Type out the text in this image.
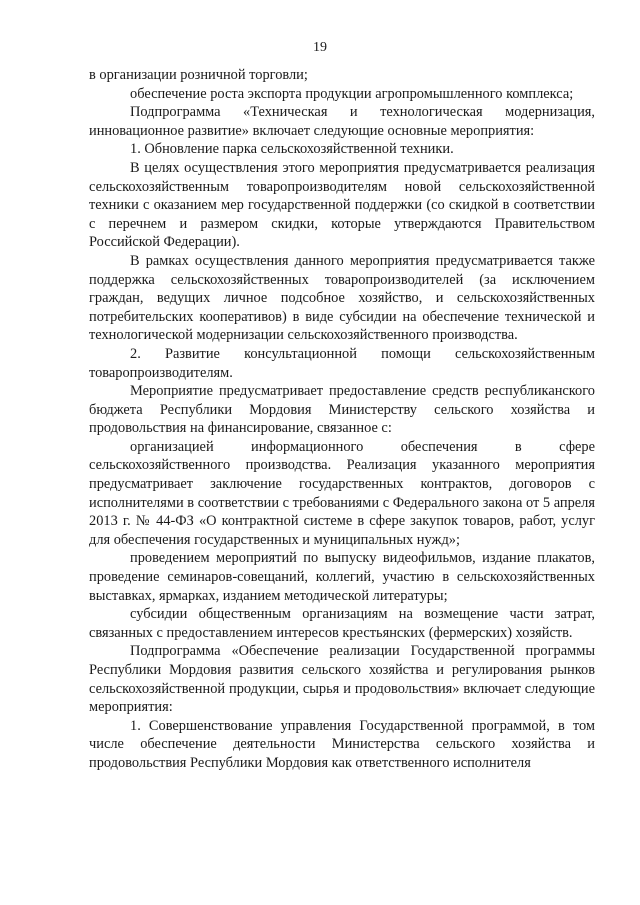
19

в организации розничной торговли;

обеспечение роста экспорта продукции агропромышленного комплекса;

Подпрограмма «Техническая и технологическая модернизация, инновационное развитие» включает следующие основные мероприятия:

1. Обновление парка сельскохозяйственной техники.

В целях осуществления этого мероприятия предусматривается реализация сельскохозяйственным товаропроизводителям новой сельскохозяйственной техники с оказанием мер государственной поддержки (со скидкой в соответствии с перечнем и размером скидки, которые утверждаются Правительством Российской Федерации).

В рамках осуществления данного мероприятия предусматривается также поддержка сельскохозяйственных товаропроизводителей (за исключением граждан, ведущих личное подсобное хозяйство, и сельскохозяйственных потребительских кооперативов) в виде субсидии на обеспечение технической и технологической модернизации сельскохозяйственного производства.

2. Развитие консультационной помощи сельскохозяйственным товаропроизводителям.

Мероприятие предусматривает предоставление средств республиканского бюджета Республики Мордовия Министерству сельского хозяйства и продовольствия на финансирование, связанное с:

организацией информационного обеспечения в сфере сельскохозяйственного производства. Реализация указанного мероприятия предусматривает заключение государственных контрактов, договоров с исполнителями в соответствии с требованиями с Федерального закона от 5 апреля 2013 г. № 44-ФЗ «О контрактной системе в сфере закупок товаров, работ, услуг для обеспечения государственных и муниципальных нужд»;

проведением мероприятий по выпуску видеофильмов, издание плакатов, проведение семинаров-совещаний, коллегий, участию в сельскохозяйственных выставках, ярмарках, изданием методической литературы;

субсидии общественным организациям на возмещение части затрат, связанных с предоставлением интересов крестьянских (фермерских) хозяйств.

Подпрограмма «Обеспечение реализации Государственной программы Республики Мордовия развития сельского хозяйства и регулирования рынков сельскохозяйственной продукции, сырья и продовольствия» включает следующие мероприятия:

1. Совершенствование управления Государственной программой, в том числе обеспечение деятельности Министерства сельского хозяйства и продовольствия Республики Мордовия как ответственного исполнителя
